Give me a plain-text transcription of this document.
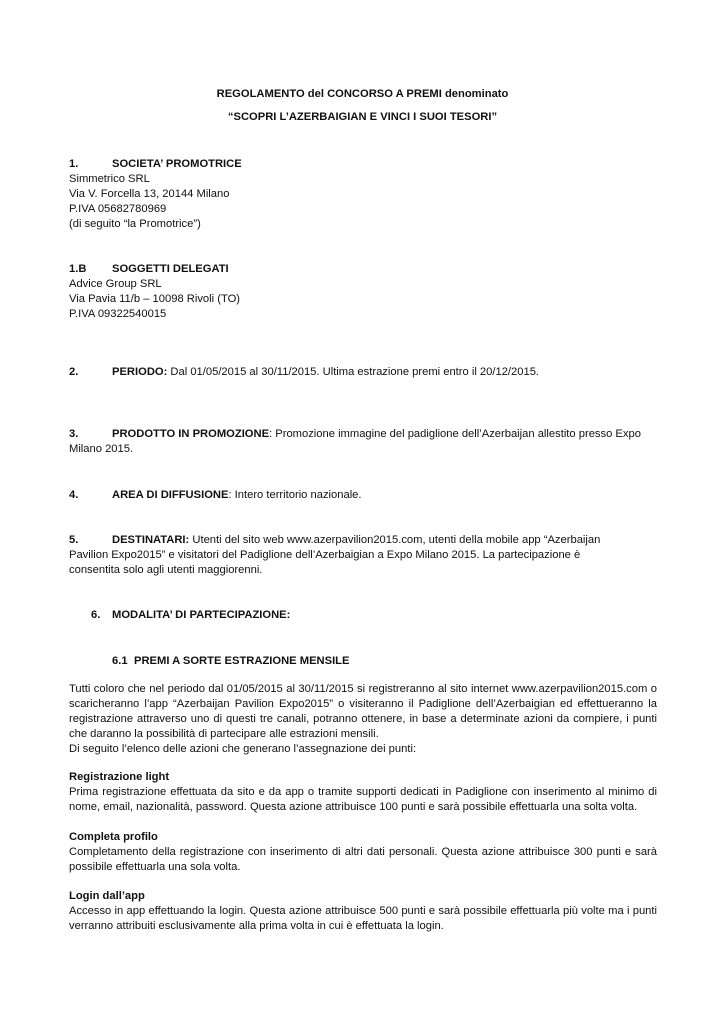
REGOLAMENTO del CONCORSO A PREMI denominato
“SCOPRI L’AZERBAIGIAN E VINCI I SUOI TESORI”
1.	SOCIETA’ PROMOTRICE
Simmetrico SRL
Via V. Forcella 13, 20144 Milano
P.IVA 05682780969
(di seguito “la Promotrice”)
1.B SOGGETTI DELEGATI
Advice Group SRL
Via Pavia 11/b – 10098 Rivoli (TO)
P.IVA 09322540015
2.	PERIODO: Dal 01/05/2015 al 30/11/2015. Ultima estrazione premi entro il 20/12/2015.
3.	PRODOTTO IN PROMOZIONE: Promozione immagine del padiglione dell’Azerbaijan allestito presso Expo
Milano 2015.
4.	AREA DI DIFFUSIONE: Intero territorio nazionale.
5.	DESTINATARI: Utenti del sito web www.azerpavilion2015.com, utenti della mobile app “Azerbaijan
Pavilion Expo2015” e visitatori del Padiglione dell’Azerbaigian a Expo Milano 2015. La partecipazione è
consentita solo agli utenti maggiorenni.
6. MODALITA’ DI PARTECIPAZIONE:
6.1 PREMI A SORTE ESTRAZIONE MENSILE
Tutti coloro che nel periodo dal 01/05/2015 al 30/11/2015 si registreranno al sito internet www.azerpavilion2015.com o scaricheranno l’app “Azerbaijan Pavilion Expo2015” o visiteranno il Padiglione dell’Azerbaigian ed effettueranno la registrazione attraverso uno di questi tre canali, potranno ottenere, in base a determinate azioni da compiere, i punti che daranno la possibilità di partecipare alle estrazioni mensili.
Di seguito l’elenco delle azioni che generano l’assegnazione dei punti:
Registrazione light
Prima registrazione effettuata da sito e da app o tramite supporti dedicati in Padiglione con inserimento al minimo di nome, email, nazionalità, password. Questa azione attribuisce 100 punti e sarà possibile effettuarla una solta volta.
Completa profilo
Completamento della registrazione con inserimento di altri dati personali. Questa azione attribuisce 300 punti e sarà possibile effettuarla una sola volta.
Login dall’app
Accesso in app effettuando la login. Questa azione attribuisce 500 punti e sarà possibile effettuarla più volte ma i punti verranno attribuiti esclusivamente alla prima volta in cui è effettuata la login.
